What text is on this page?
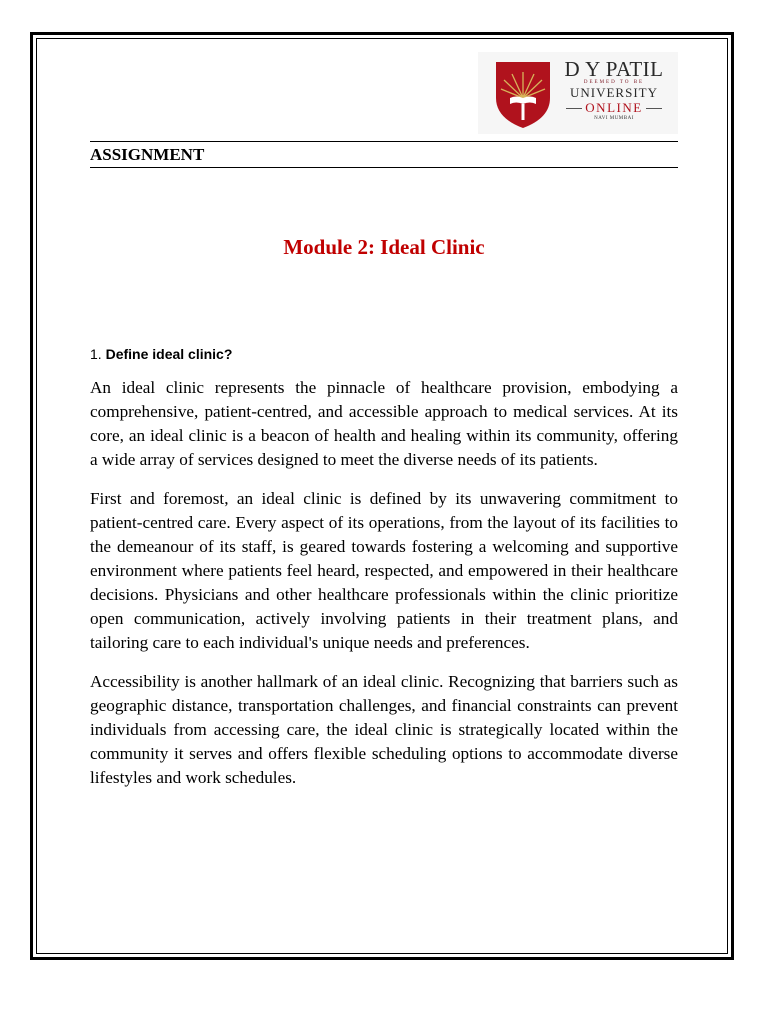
D Y PATIL
DEEMED TO BE
UNIVERSITY
ONLINE
NAVI MUMBAI
ASSIGNMENT
Module 2: Ideal Clinic
1. Define ideal clinic?

An ideal clinic represents the pinnacle of healthcare provision, embodying a comprehensive, patient-centred, and accessible approach to medical services. At its core, an ideal clinic is a beacon of health and healing within its community, offering a wide array of services designed to meet the diverse needs of its patients.

First and foremost, an ideal clinic is defined by its unwavering commitment to patient-centred care. Every aspect of its operations, from the layout of its facilities to the demeanour of its staff, is geared towards fostering a welcoming and supportive environment where patients feel heard, respected, and empowered in their healthcare decisions. Physicians and other healthcare professionals within the clinic prioritize open communication, actively involving patients in their treatment plans, and tailoring care to each individual's unique needs and preferences.

Accessibility is another hallmark of an ideal clinic. Recognizing that barriers such as geographic distance, transportation challenges, and financial constraints can prevent individuals from accessing care, the ideal clinic is strategically located within the community it serves and offers flexible scheduling options to accommodate diverse lifestyles and work schedules.
